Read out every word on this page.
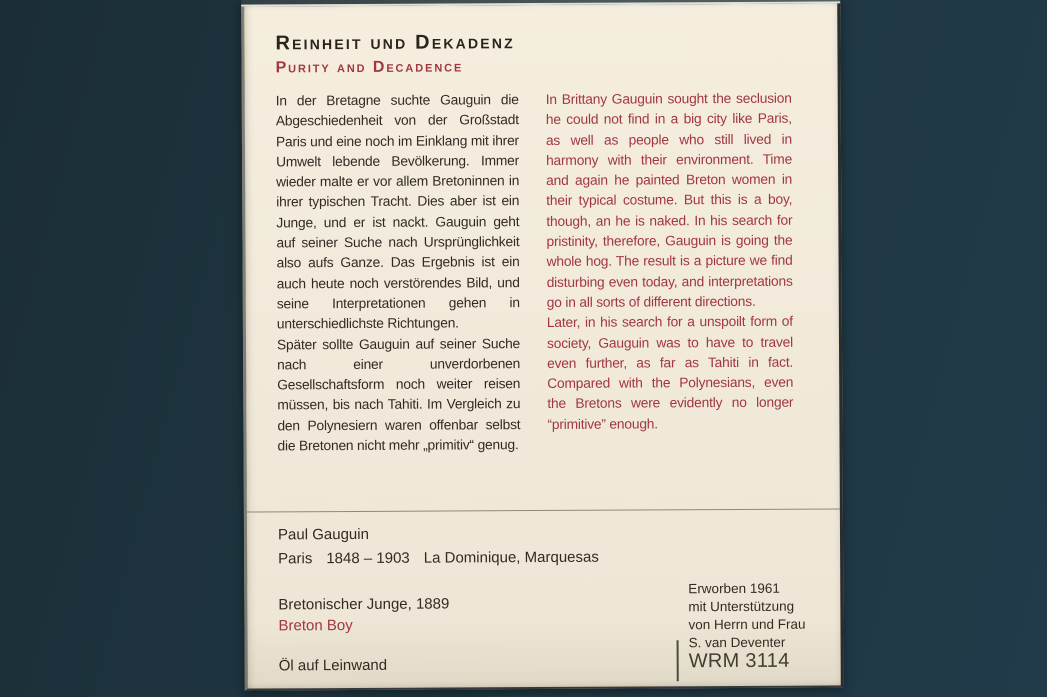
Reinheit und Dekadenz
Purity and Decadence

In der Bretagne suchte Gauguin die Abgeschiedenheit von der Großstadt Paris und eine noch im Einklang mit ihrer Umwelt lebende Bevölkerung. Immer wieder malte er vor allem Bretoninnen in ihrer typischen Tracht. Dies aber ist ein Junge, und er ist nackt. Gauguin geht auf seiner Suche nach Ursprünglichkeit also aufs Ganze. Das Ergebnis ist ein auch heute noch verstörendes Bild, und seine Interpretationen gehen in unterschiedlichste Richtungen.

Später sollte Gauguin auf seiner Suche nach einer unverdorbenen Gesellschaftsform noch weiter reisen müssen, bis nach Tahiti. Im Vergleich zu den Polynesiern waren offenbar selbst die Bretonen nicht mehr „primitiv“ genug.

In Brittany Gauguin sought the seclusion he could not find in a big city like Paris, as well as people who still lived in harmony with their environment. Time and again he painted Breton women in their typical costume. But this is a boy, though, an he is naked. In his search for pristinity, therefore, Gauguin is going the whole hog. The result is a picture we find disturbing even today, and interpretations go in all sorts of different directions.

Later, in his search for a unspoilt form of society, Gauguin was to have to travel even further, as far as Tahiti in fact. Compared with the Polynesians, even the Bretons were evidently no longer “primitive” enough.

Paul Gauguin
Paris 1848 – 1903 La Dominique, Marquesas
Bretonischer Junge, 1889
Breton Boy
Öl auf Leinwand
Erworben 1961
mit Unterstützung
von Herrn und Frau
S. van Deventer
WRM 3114
